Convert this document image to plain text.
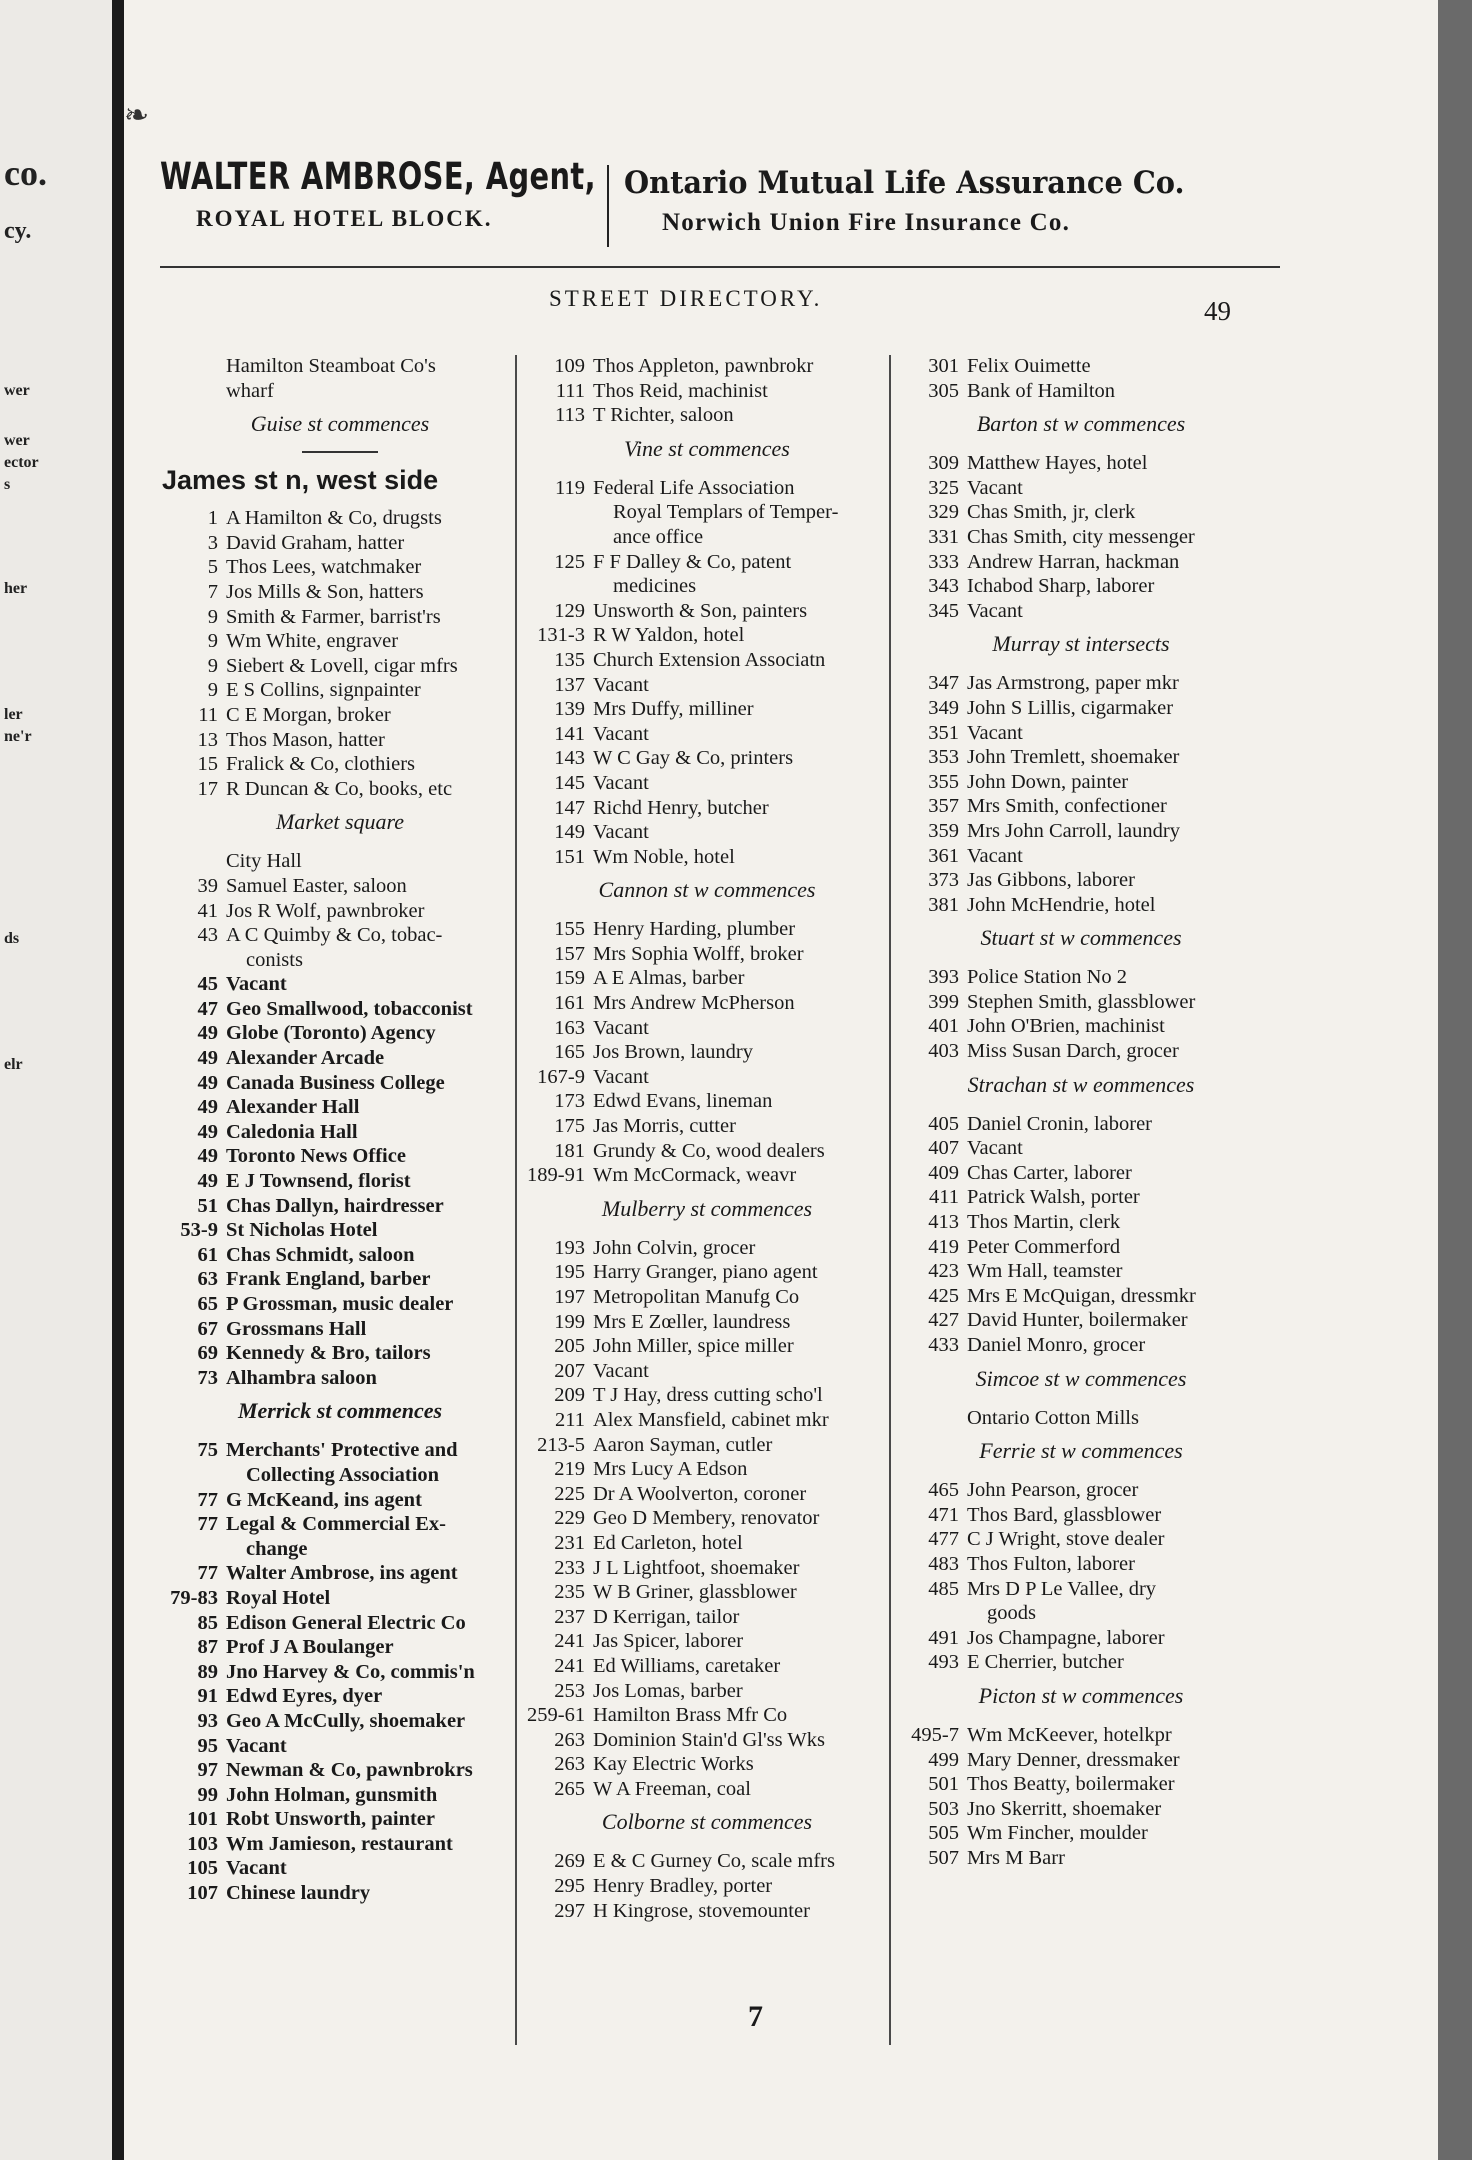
co.
cy.
wer
wer
ector
s
her
ler
ne'r
ds
elr
WALTER AMBROSE, Agent,
ROYAL HOTEL BLOCK.
Ontario Mutual Life Assurance Co.
Norwich Union Fire Insurance Co.
STREET DIRECTORY.	49
❧
Hamilton Steamboat Co's
wharf
Guise st commences
James st n, west side
1 A Hamilton & Co, drugsts
3 David Graham, hatter
5 Thos Lees, watchmaker
7 Jos Mills & Son, hatters
9 Smith & Farmer, barrist'rs
9 Wm White, engraver
9 Siebert & Lovell, cigar mfrs
9 E S Collins, signpainter
11 C E Morgan, broker
13 Thos Mason, hatter
15 Fralick & Co, clothiers
17 R Duncan & Co, books, etc
Market square
City Hall
39 Samuel Easter, saloon
41 Jos R Wolf, pawnbroker
43 A C Quimby & Co, tobac-
conists
45 Vacant
47 Geo Smallwood, tobacconist
49 Globe (Toronto) Agency
49 Alexander Arcade
49 Canada Business College
49 Alexander Hall
49 Caledonia Hall
49 Toronto News Office
49 E J Townsend, florist
51 Chas Dallyn, hairdresser
53-9 St Nicholas Hotel
61 Chas Schmidt, saloon
63 Frank England, barber
65 P Grossman, music dealer
67 Grossmans Hall
69 Kennedy & Bro, tailors
73 Alhambra saloon
Merrick st commences
75 Merchants' Protective and
Collecting Association
77 G McKeand, ins agent
77 Legal & Commercial Ex-
change
77 Walter Ambrose, ins agent
79-83 Royal Hotel
85 Edison General Electric Co
87 Prof J A Boulanger
89 Jno Harvey & Co, commis'n
91 Edwd Eyres, dyer
93 Geo A McCully, shoemaker
95 Vacant
97 Newman & Co, pawnbrokrs
99 John Holman, gunsmith
101 Robt Unsworth, painter
103 Wm Jamieson, restaurant
105 Vacant
107 Chinese laundry
109 Thos Appleton, pawnbrokr
111 Thos Reid, machinist
113 T Richter, saloon
Vine st commences
119 Federal Life Association
Royal Templars of Temper-
ance office
125 F F Dalley & Co, patent
medicines
129 Unsworth & Son, painters
131-3 R W Yaldon, hotel
135 Church Extension Associatn
137 Vacant
139 Mrs Duffy, milliner
141 Vacant
143 W C Gay & Co, printers
145 Vacant
147 Richd Henry, butcher
149 Vacant
151 Wm Noble, hotel
Cannon st w commences
155 Henry Harding, plumber
157 Mrs Sophia Wolff, broker
159 A E Almas, barber
161 Mrs Andrew McPherson
163 Vacant
165 Jos Brown, laundry
167-9 Vacant
173 Edwd Evans, lineman
175 Jas Morris, cutter
181 Grundy & Co, wood dealers
189-91 Wm McCormack, weavr
Mulberry st commences
193 John Colvin, grocer
195 Harry Granger, piano agent
197 Metropolitan Manufg Co
199 Mrs E Zœller, laundress
205 John Miller, spice miller
207 Vacant
209 T J Hay, dress cutting scho'l
211 Alex Mansfield, cabinet mkr
213-5 Aaron Sayman, cutler
219 Mrs Lucy A Edson
225 Dr A Woolverton, coroner
229 Geo D Membery, renovator
231 Ed Carleton, hotel
233 J L Lightfoot, shoemaker
235 W B Griner, glassblower
237 D Kerrigan, tailor
241 Jas Spicer, laborer
241 Ed Williams, caretaker
253 Jos Lomas, barber
259-61 Hamilton Brass Mfr Co
263 Dominion Stain'd Gl'ss Wks
263 Kay Electric Works
265 W A Freeman, coal
Colborne st commences
269 E & C Gurney Co, scale mfrs
295 Henry Bradley, porter
297 H Kingrose, stovemounter
301 Felix Ouimette
305 Bank of Hamilton
Barton st w commences
309 Matthew Hayes, hotel
325 Vacant
329 Chas Smith, jr, clerk
331 Chas Smith, city messenger
333 Andrew Harran, hackman
343 Ichabod Sharp, laborer
345 Vacant
Murray st intersects
347 Jas Armstrong, paper mkr
349 John S Lillis, cigarmaker
351 Vacant
353 John Tremlett, shoemaker
355 John Down, painter
357 Mrs Smith, confectioner
359 Mrs John Carroll, laundry
361 Vacant
373 Jas Gibbons, laborer
381 John McHendrie, hotel
Stuart st w commences
393 Police Station No 2
399 Stephen Smith, glassblower
401 John O'Brien, machinist
403 Miss Susan Darch, grocer
Strachan st w eommences
405 Daniel Cronin, laborer
407 Vacant
409 Chas Carter, laborer
411 Patrick Walsh, porter
413 Thos Martin, clerk
419 Peter Commerford
423 Wm Hall, teamster
425 Mrs E McQuigan, dressmkr
427 David Hunter, boilermaker
433 Daniel Monro, grocer
Simcoe st w commences
Ontario Cotton Mills
Ferrie st w commences
465 John Pearson, grocer
471 Thos Bard, glassblower
477 C J Wright, stove dealer
483 Thos Fulton, laborer
485 Mrs D P Le Vallee, dry
goods
491 Jos Champagne, laborer
493 E Cherrier, butcher
Picton st w commences
495-7 Wm McKeever, hotelkpr
499 Mary Denner, dressmaker
501 Thos Beatty, boilermaker
503 Jno Skerritt, shoemaker
505 Wm Fincher, moulder
507 Mrs M Barr
7
